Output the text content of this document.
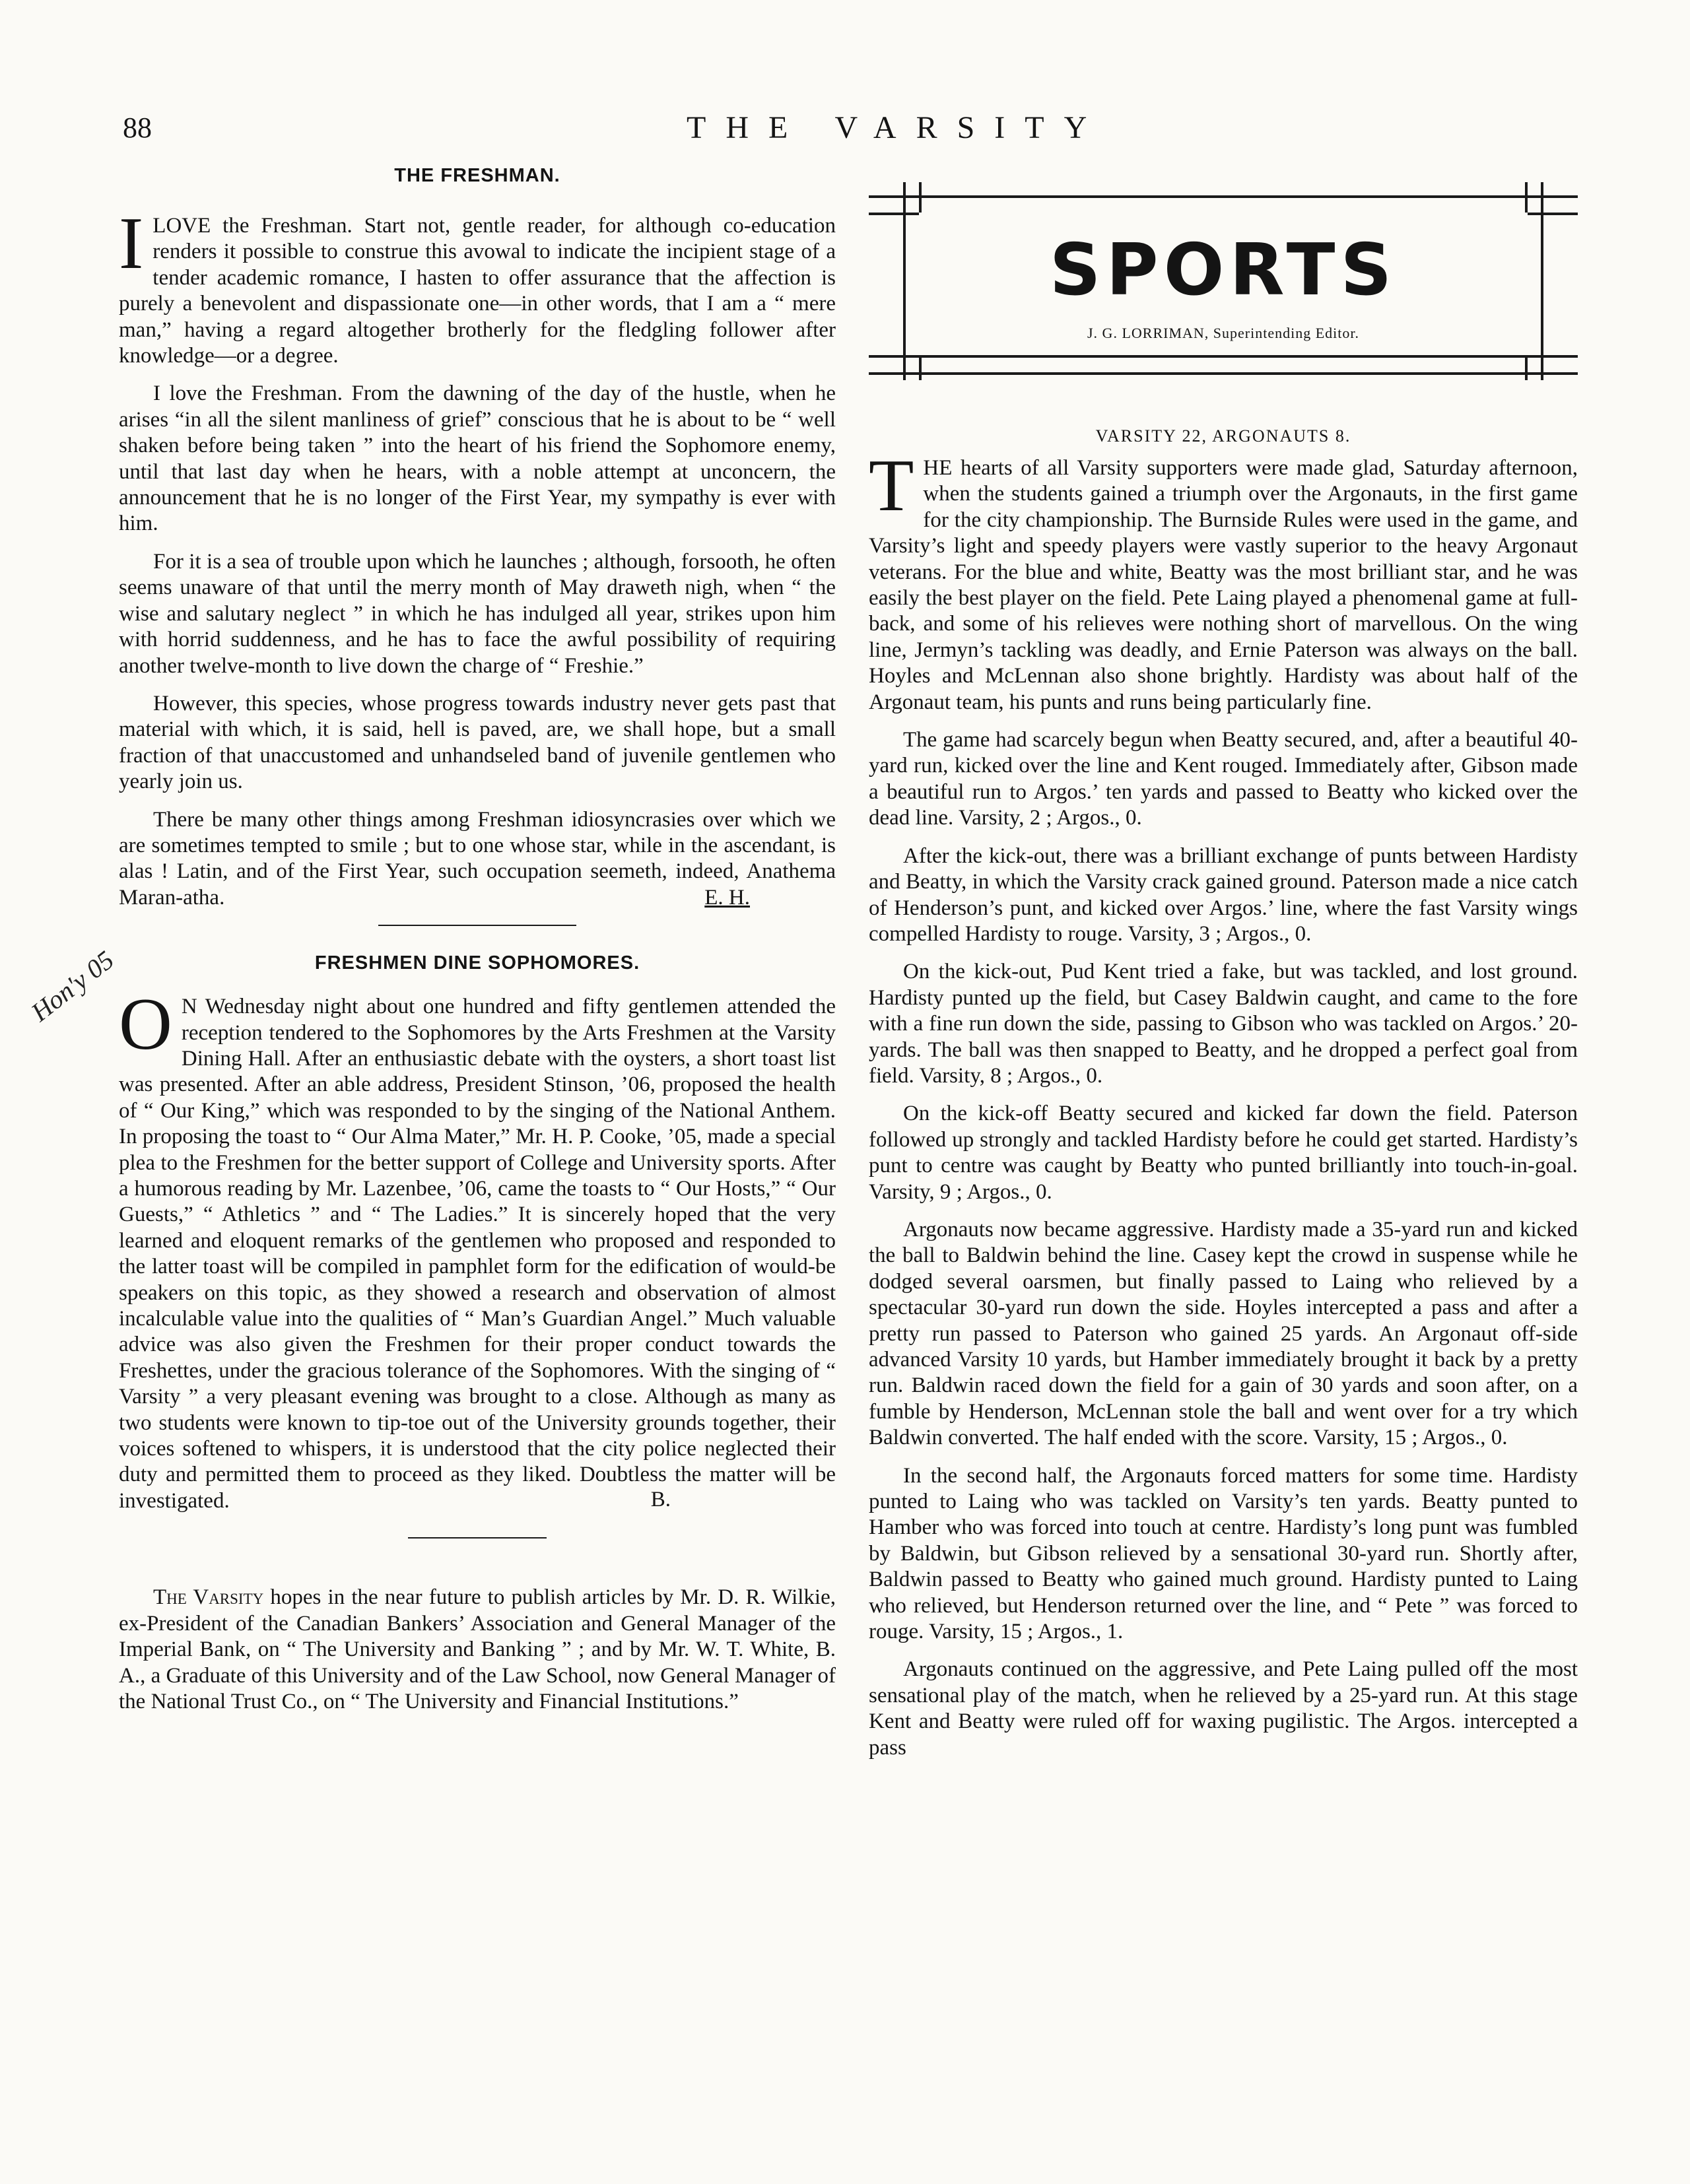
88	THE VARSITY
Hon'y 05
THE FRESHMAN.

ILOVE the Freshman. Start not, gentle reader, for although co-education renders it possible to construe this avowal to indicate the incipient stage of a tender academic romance, I hasten to offer assurance that the affection is purely a benevolent and dispassionate one—in other words, that I am a “ mere man,” having a regard altogether brotherly for the fledgling follower after knowledge—or a degree.

I love the Freshman. From the dawning of the day of the hustle, when he arises “in all the silent manliness of grief” conscious that he is about to be “ well shaken before being taken ” into the heart of his friend the Sophomore enemy, until that last day when he hears, with a noble attempt at unconcern, the announcement that he is no longer of the First Year, my sympathy is ever with him.

For it is a sea of trouble upon which he launches ; although, forsooth, he often seems unaware of that until the merry month of May draweth nigh, when “ the wise and salutary neglect ” in which he has indulged all year, strikes upon him with horrid suddenness, and he has to face the awful possibility of requiring another twelve-month to live down the charge of “ Freshie.”

However, this species, whose progress towards industry never gets past that material with which, it is said, hell is paved, are, we shall hope, but a small fraction of that unaccustomed and unhandseled band of juvenile gentlemen who yearly join us.

There be many other things among Freshman idiosyncrasies over which we are sometimes tempted to smile ; but to one whose star, while in the ascendant, is alas ! Latin, and of the First Year, such occupation seemeth, indeed, Anathema Maran-atha.	E. H.
FRESHMEN DINE SOPHOMORES.

O N Wednesday night about one hundred and fifty gentlemen attended the reception tendered to the Sophomores by the Arts Freshmen at the Varsity Dining Hall. After an enthusiastic debate with the oysters, a short toast list was presented. After an able address, President Stinson, ’06, proposed the health of “ Our King,” which was responded to by the singing of the National Anthem. In proposing the toast to “ Our Alma Mater,” Mr. H. P. Cooke, ’05, made a special plea to the Freshmen for the better support of College and University sports. After a humorous reading by Mr. Lazenbee, ’06, came the toasts to “ Our Hosts,” “ Our Guests,” “ Athletics ” and “ The Ladies.” It is sincerely hoped that the very learned and eloquent remarks of the gentlemen who proposed and responded to the latter toast will be compiled in pamphlet form for the edification of would-be speakers on this topic, as they showed a research and observation of almost incalculable value into the qualities of “ Man’s Guardian Angel.” Much valuable advice was also given the Freshmen for their proper conduct towards the Freshettes, under the gracious tolerance of the Sophomores. With the singing of “ Varsity ” a very pleasant evening was brought to a close. Although as many as two students were known to tip-toe out of the University grounds together, their voices softened to whispers, it is understood that the city police neglected their duty and permitted them to proceed as they liked. Doubtless the matter will be investigated.	B.

The Varsity hopes in the near future to publish articles by Mr. D. R. Wilkie, ex-President of the Canadian Bankers’ Association and General Manager of the Imperial Bank, on “ The University and Banking ” ; and by Mr. W. T. White, B. A., a Graduate of this University and of the Law School, now General Manager of the National Trust Co., on “ The University and Financial Institutions.”

SPORTS
J. G. LORRIMAN, Superintending Editor.
VARSITY 22, ARGONAUTS 8.

THE hearts of all Varsity supporters were made glad, Saturday afternoon, when the students gained a triumph over the Argonauts, in the first game for the city championship. The Burnside Rules were used in the game, and Varsity’s light and speedy players were vastly superior to the heavy Argonaut veterans. For the blue and white, Beatty was the most brilliant star, and he was easily the best player on the field. Pete Laing played a phenomenal game at full-back, and some of his relieves were nothing short of marvellous. On the wing line, Jermyn’s tackling was deadly, and Ernie Paterson was always on the ball. Hoyles and McLennan also shone brightly. Hardisty was about half of the Argonaut team, his punts and runs being particularly fine.

The game had scarcely begun when Beatty secured, and, after a beautiful 40-yard run, kicked over the line and Kent rouged. Immediately after, Gibson made a beautiful run to Argos.’ ten yards and passed to Beatty who kicked over the dead line. Varsity, 2 ; Argos., 0.

After the kick-out, there was a brilliant exchange of punts between Hardisty and Beatty, in which the Varsity crack gained ground. Paterson made a nice catch of Henderson’s punt, and kicked over Argos.’ line, where the fast Varsity wings compelled Hardisty to rouge. Varsity, 3 ; Argos., 0.

On the kick-out, Pud Kent tried a fake, but was tackled, and lost ground. Hardisty punted up the field, but Casey Baldwin caught, and came to the fore with a fine run down the side, passing to Gibson who was tackled on Argos.’ 20-yards. The ball was then snapped to Beatty, and he dropped a perfect goal from field. Varsity, 8 ; Argos., 0.

On the kick-off Beatty secured and kicked far down the field. Paterson followed up strongly and tackled Hardisty before he could get started. Hardisty’s punt to centre was caught by Beatty who punted brilliantly into touch-in-goal. Varsity, 9 ; Argos., 0.

Argonauts now became aggressive. Hardisty made a 35-yard run and kicked the ball to Baldwin behind the line. Casey kept the crowd in suspense while he dodged several oarsmen, but finally passed to Laing who relieved by a spectacular 30-yard run down the side. Hoyles intercepted a pass and after a pretty run passed to Paterson who gained 25 yards. An Argonaut off-side advanced Varsity 10 yards, but Hamber immediately brought it back by a pretty run. Baldwin raced down the field for a gain of 30 yards and soon after, on a fumble by Henderson, McLennan stole the ball and went over for a try which Baldwin converted. The half ended with the score. Varsity, 15 ; Argos., 0.

In the second half, the Argonauts forced matters for some time. Hardisty punted to Laing who was tackled on Varsity’s ten yards. Beatty punted to Hamber who was forced into touch at centre. Hardisty’s long punt was fumbled by Baldwin, but Gibson relieved by a sensational 30-yard run. Shortly after, Baldwin passed to Beatty who gained much ground. Hardisty punted to Laing who relieved, but Henderson returned over the line, and “ Pete ” was forced to rouge. Varsity, 15 ; Argos., 1.

Argonauts continued on the aggressive, and Pete Laing pulled off the most sensational play of the match, when he relieved by a 25-yard run. At this stage Kent and Beatty were ruled off for waxing pugilistic. The Argos. intercepted a pass
